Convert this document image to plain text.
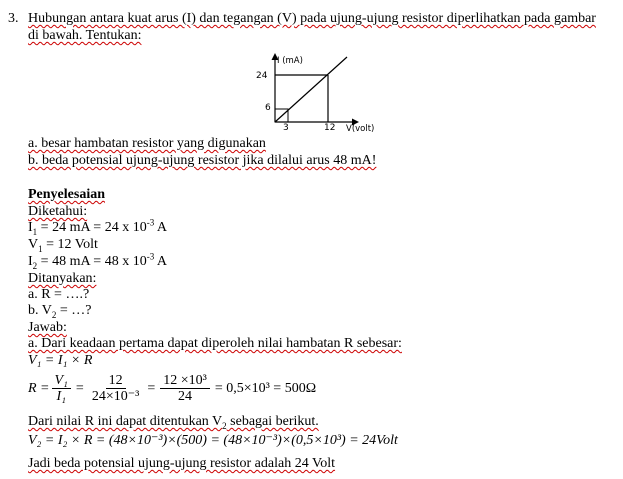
3. Hubungan antara kuat arus (I) dan tegangan (V) pada ujung-ujung resistor diperlihatkan pada gambar
di bawah. Tentukan:
24
6
3	12
I (mA)
V(volt)
a. besar hambatan resistor yang digunakan
b. beda potensial ujung-ujung resistor jika dilalui arus 48 mA!
Penyelesaian
Diketahui:
$I_1 = 24$ mA = 24 x $10^{-3}$ A
$V_1 = 12$ Volt
$I_2 = 48$ mA = 48 x $10^{-3}$ A
Ditanyakan:
a. R = ….?
b. $V_2$ = …?
Jawab:
a. Dari keadaan pertama dapat diperoleh nilai hambatan R sebesar:
V₁ = I₁ × R
$R = \frac{\text{V₁}}{\text{I₁}} = \frac{12}{\text{24×10⁻³}} = \frac{\text{12 ×10³}}{24} = 0,5\times 10^3 = 500\Omega$
Dari nilai R ini dapat ditentukan $V_2$ sebagai berikut.
V₂ = I₂ × R = (48×10⁻³)×(500) = (48×10⁻³)×(0,5×10³) = 24Volt
Jadi beda potensial ujung-ujung resistor adalah 24 Volt
